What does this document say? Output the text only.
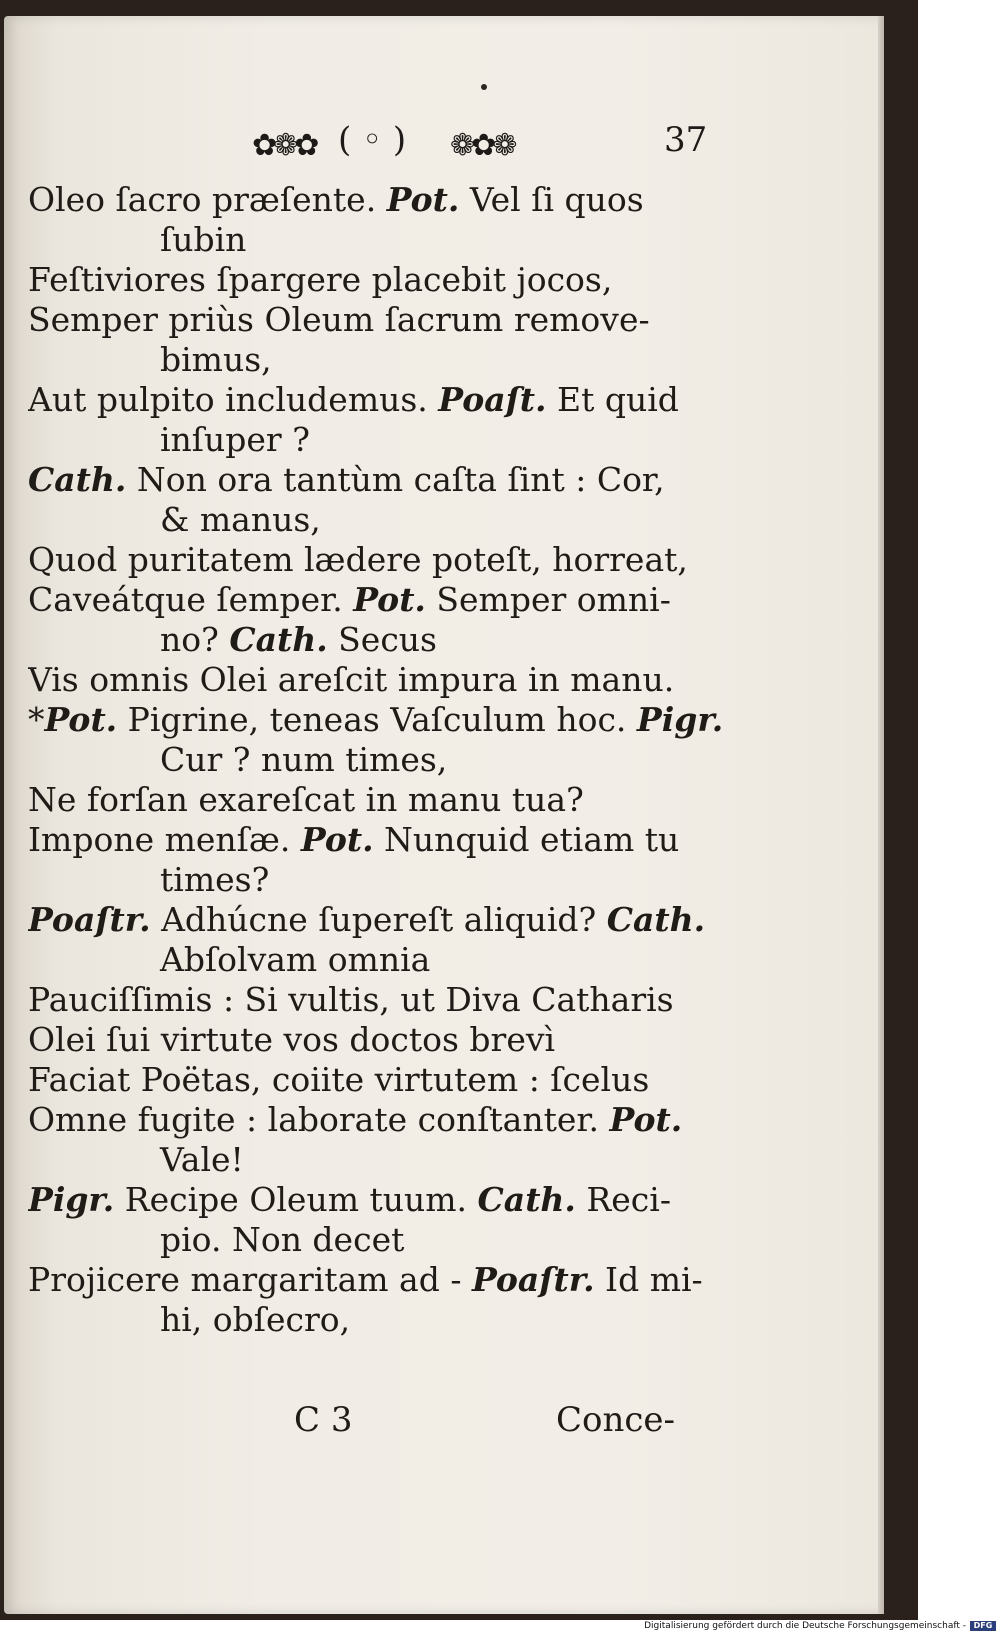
✿❁✿ ( ◦ ) ❁✿❁	37
Oleo ſacro præſente. Pot. Vel ſi quos
ſubin
Feſtiviores ſpargere placebit jocos,
Semper priùs Oleum ſacrum remove-
bimus,
Aut pulpito includemus. Poaſt. Et quid
inſuper ?
Cath. Non ora tantùm caſta ſint : Cor,
& manus,
Quod puritatem lædere poteſt, horreat,
Caveátque ſemper. Pot. Semper omni-
no? Cath. Secus
Vis omnis Olei areſcit impura in manu.
*Pot. Pigrine, teneas Vaſculum hoc. Pigr.
Cur ? num times,
Ne forſan exareſcat in manu tua?
Impone menſæ. Pot. Nunquid etiam tu
times?
Poaſtr. Adhúcne ſupereſt aliquid? Cath.
Abſolvam omnia
Pauciſſimis : Si vultis, ut Diva Catharis
Olei ſui virtute vos doctos brevì
Faciat Poëtas, coiite virtutem : ſcelus
Omne fugite : laborate conſtanter. Pot.
Vale!
Pigr. Recipe Oleum tuum. Cath. Reci-
pio. Non decet
Projicere margaritam ad - Poaſtr. Id mi-
hi, obſecro,
C 3	Conce-
Digitalisierung gefördert durch die Deutsche Forschungsgemeinschaft - DFG
